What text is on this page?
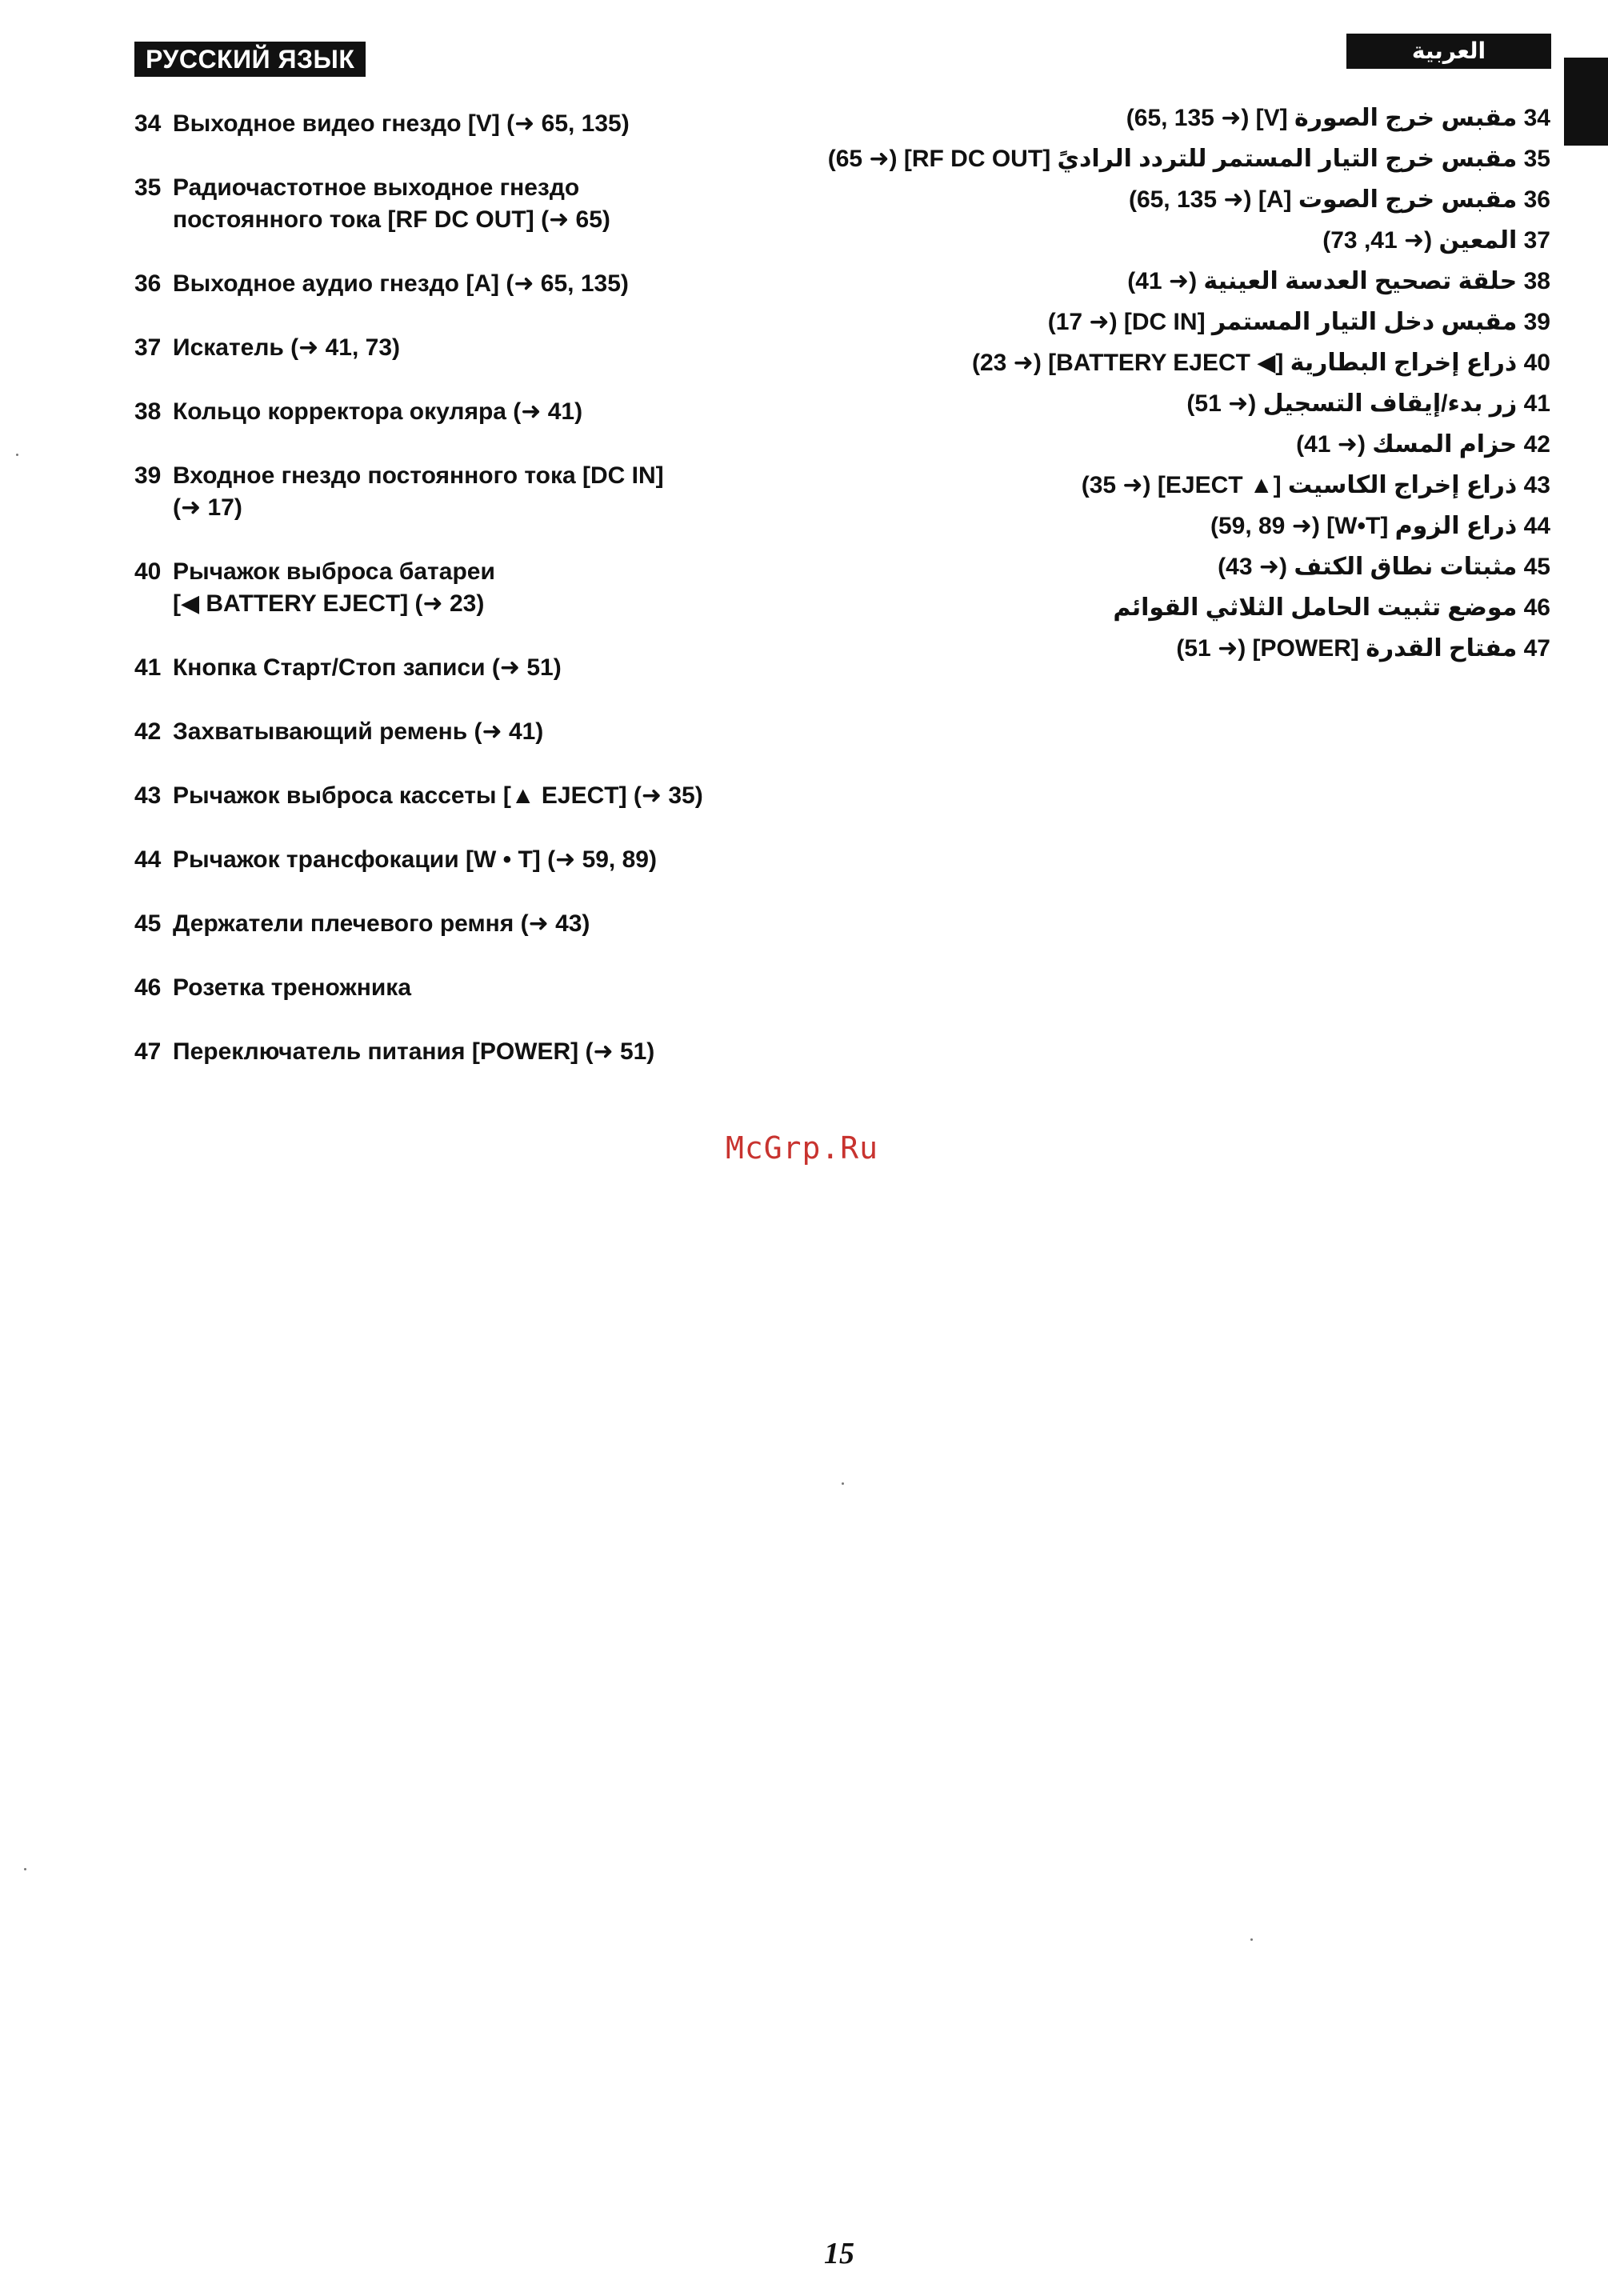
РУССКИЙ ЯЗЫК	العربية
34 Выходное видео гнездо [V] (➜ 65, 135)
35 Радиочастотное выходное гнездо
постоянного тока [RF DC OUT] (➜ 65)
36 Выходное аудио гнездо [A] (➜ 65, 135)
37 Искатель (➜ 41, 73)
38 Кольцо корректора окуляра (➜ 41)
39 Входное гнездо постоянного тока [DC IN]
(➜ 17)
40 Рычажок выброса батареи
[◀ BATTERY EJECT] (➜ 23)
41 Кнопка Старт/Стоп записи (➜ 51)
42 Захватывающий ремень (➜ 41)
43 Рычажок выброса кассеты [▲ EJECT] (➜ 35)
44 Рычажок трансфокации [W • T] (➜ 59, 89)
45 Держатели плечевого ремня (➜ 43)
46 Розетка треножника
47 Переключатель питания [POWER] (➜ 51)
34 مقبس خرج الصورة [V] (➜ 65, 135)
35 مقبس خرج التيار المستمر للتردد الراديً [RF DC OUT] (➜ 65)
36 مقبس خرج الصوت [A] (➜ 65, 135)
37 المعين (➜ 41, 73)
38 حلقة تصحيح العدسة العينية (➜ 41)
39 مقبس دخل التيار المستمر [DC IN] (➜ 17)
40 ذراع إخراج البطارية [◀ BATTERY EJECT] (➜ 23)
41 زر بدء/إيقاف التسجيل (➜ 51)
42 حزام المسك (➜ 41)
43 ذراع إخراج الكاسيت [▲ EJECT] (➜ 35)
44 ذراع الزوم [W•T] (➜ 59, 89)
45 مثبتات نطاق الكتف (➜ 43)
46 موضع تثبيت الحامل الثلاثي القوائم
47 مفتاح القدرة [POWER] (➜ 51)
McGrp.Ru
15
